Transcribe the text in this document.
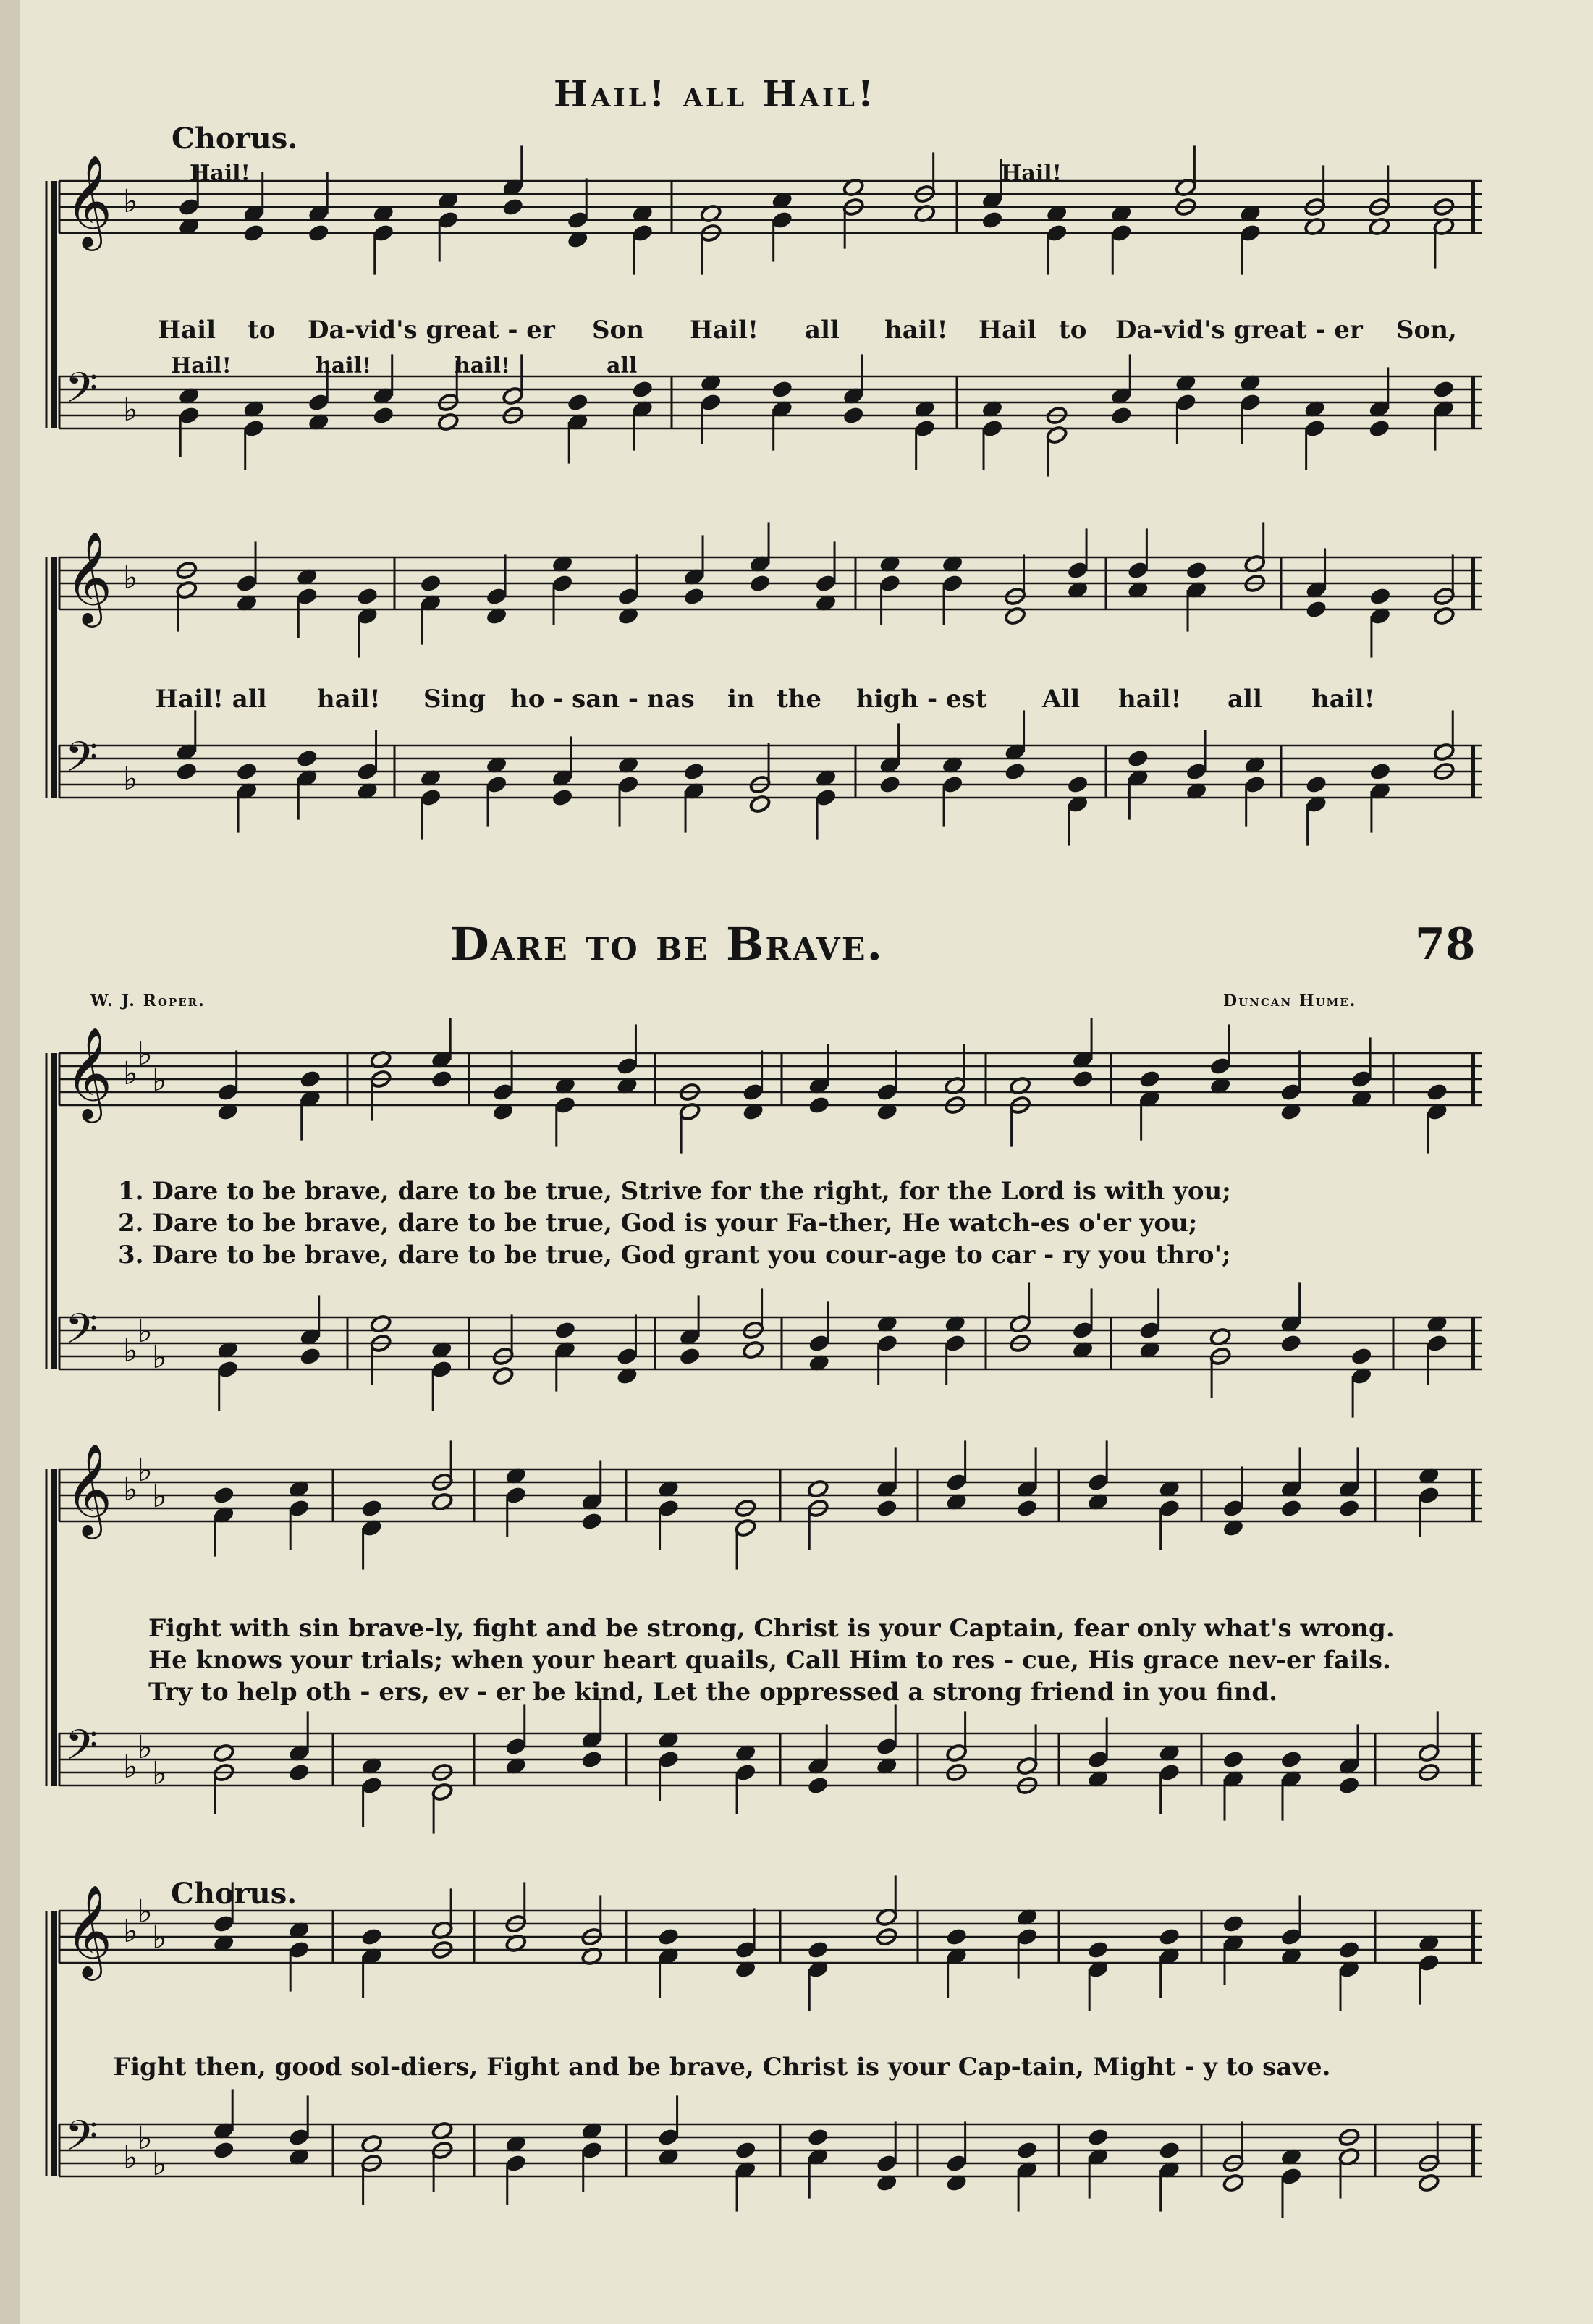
Hail! all Hail!
Chorus.
Hail!	Hail!
Hail to Da-vid's great - er Son Hail! all hail! Hail to Da-vid's great - er Son,
Hail!	hail!	hail!	all
Hail! all hail! Sing ho - san - nas in the high - est All hail! all hail!
Dare to be Brave.	78
W. J. Roper.	Duncan Hume.
1. Dare to be brave, dare to be true, Strive for the right, for the Lord is with you;
2. Dare to be brave, dare to be true, God is your Fa-ther, He watch-es o'er you;
3. Dare to be brave, dare to be true, God grant you cour-age to car - ry you thro';
Fight with sin brave-ly, fight and be strong, Christ is your Captain, fear only what's wrong.
He knows your trials; when your heart quails, Call Him to res - cue, His grace nev-er fails.
Try to help oth - ers, ev - er be kind, Let the oppressed a strong friend in you find.
Chorus.
Fight then, good sol-diers, Fight and be brave, Christ is your Cap-tain, Might - y to save.
𝄞 ♭
𝄢 ♭
𝄞 ♭
𝄢 ♭
𝄞 ♭
♭
♭
𝄢 ♭
♭
♭
𝄞 ♭
♭
♭
𝄢 ♭
♭
♭
𝄞 ♭
♭
♭
𝄢 ♭
♭
♭
